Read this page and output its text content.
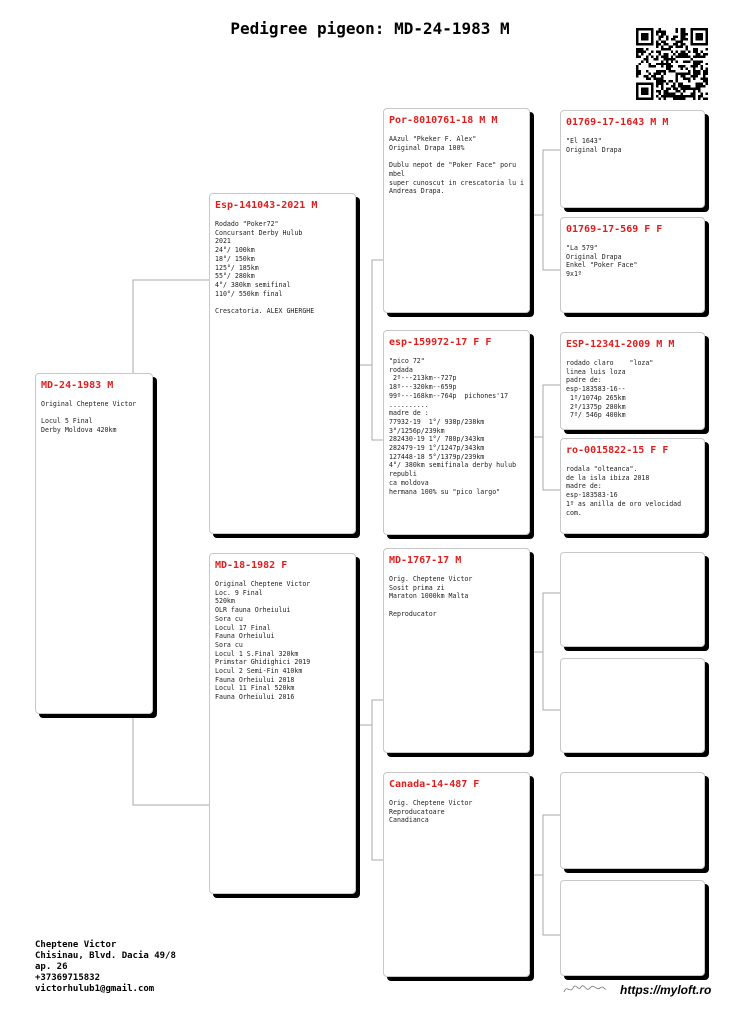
Pedigree pigeon: MD-24-1983 M
MD-24-1983 M
Original Cheptene Victor

Locul 5 Final
Derby Moldova 420km
Esp-141043-2021 M
Rodado "Poker72"
Concursant Derby Hulub
2021
24°/ 100km
18°/ 150km
125°/ 185km
55°/ 280km
4°/ 380km semifinal
110°/ 550km final

Crescatoria. ALEX GHERGHE
MD-18-1982 F
Original Cheptene Victor
Loc. 9 Final
520km
OLR fauna Orheiului
Sora cu
Locul 17 Final
Fauna Orheiului
Sora cu
Locul 1 S.Final 320km
Primstar Ghidighici 2019
Locul 2 Semi-Fin 410km
Fauna Orheiului 2018
Locul 11 Final 520km
Fauna Orheiului 2016
Por-8010761-18 M M
AAzul "Pkeker F. Alex"
Original Drapa 100%

Dublu nepot de "Poker Face" poru mbel
super cunoscut in crescatoria lu i
Andreas Drapa.
esp-159972-17 F F
"pico 72"
rodada
2º---213km--727p
18º---320km--659p
99º---168km--764p  pichones'17
..........
madre de :
77932-19  1°/ 938p/238km
3°/1256p/239km
282430-19 1°/ 780p/343km
282479-19 1°/1247p/343km
127448-18 5°/1379p/239km
4°/ 380km semifinala derby hulub  republi
ca moldova
hermana 100% su "pico largo"
MD-1767-17 M
Orig. Cheptene Victor
Sosit prima zi
Maraton 1000km Malta

Reproducator
Canada-14-487 F
Orig. Cheptene Victor
Reproducatoare
Canadianca
01769-17-1643 M M
"El 1643"
Original Drapa
01769-17-569 F F
"La 579"
Original Drapa
Enkel "Poker Face"
9x1º
ESP-12341-2009 M M
rodado claro    "loza"
linea luis loza
padre de:
esp-183583-16--
1º/1074p 265km
2º/1375p 280km
7º/ 546p 400km
ro-0015822-15 F F
rodala "olteanca".
de la isla ibiza 2018
madre de:
esp-183583-16
1º as anilla de oro velocidad com.
Cheptene Victor
Chisinau, Blvd. Dacia 49/8
ap. 26
+37369715832
victorhulub1@gmail.com	https://myloft.ro
